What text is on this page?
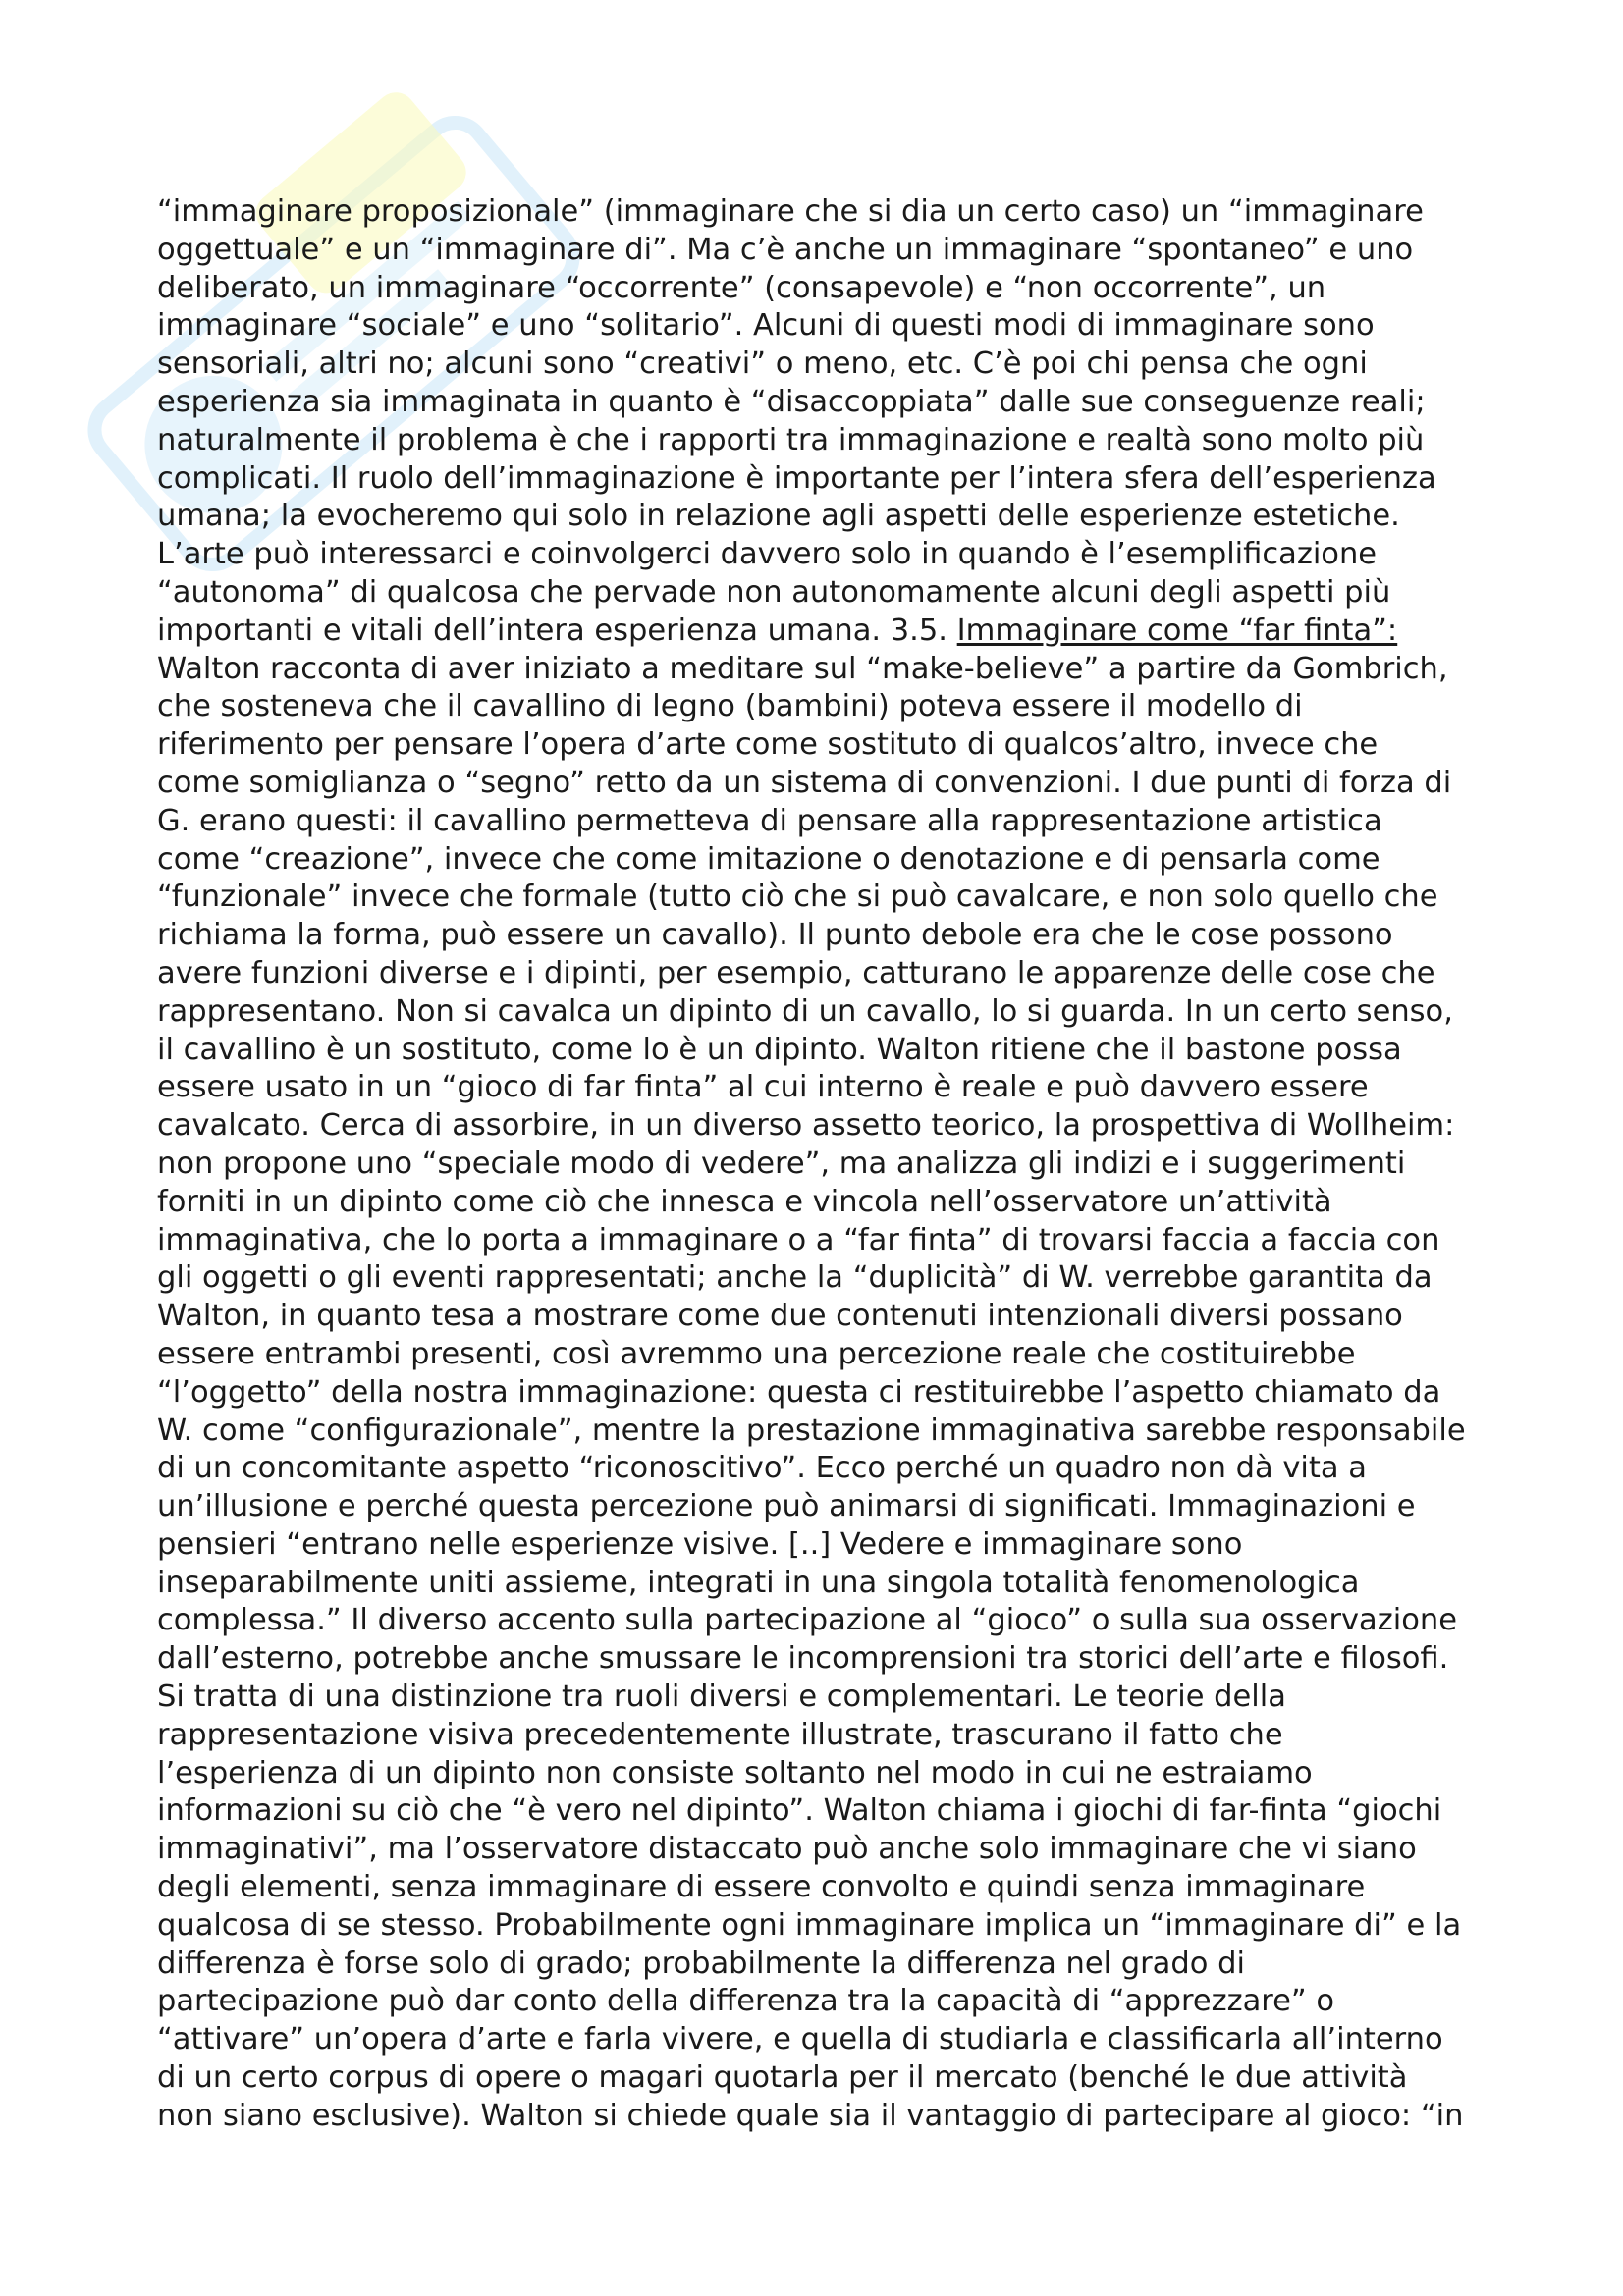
“immaginare proposizionale” (immaginare che si dia un certo caso) un “immaginare
oggettuale” e un “immaginare di”. Ma c’è anche un immaginare “spontaneo” e uno
deliberato, un immaginare “occorrente” (consapevole) e “non occorrente”, un
immaginare “sociale” e uno “solitario”. Alcuni di questi modi di immaginare sono
sensoriali, altri no; alcuni sono “creativi” o meno, etc. C’è poi chi pensa che ogni
esperienza sia immaginata in quanto è “disaccoppiata” dalle sue conseguenze reali;
naturalmente il problema è che i rapporti tra immaginazione e realtà sono molto più
complicati. Il ruolo dell’immaginazione è importante per l’intera sfera dell’esperienza
umana; la evocheremo qui solo in relazione agli aspetti delle esperienze estetiche.
L’arte può interessarci e coinvolgerci davvero solo in quando è l’esemplificazione
“autonoma” di qualcosa che pervade non autonomamente alcuni degli aspetti più
importanti e vitali dell’intera esperienza umana. 3.5. Immaginare come “far finta”:
Walton racconta di aver iniziato a meditare sul “make-believe” a partire da Gombrich,
che sosteneva che il cavallino di legno (bambini) poteva essere il modello di
riferimento per pensare l’opera d’arte come sostituto di qualcos’altro, invece che
come somiglianza o “segno” retto da un sistema di convenzioni. I due punti di forza di
G. erano questi: il cavallino permetteva di pensare alla rappresentazione artistica
come “creazione”, invece che come imitazione o denotazione e di pensarla come
“funzionale” invece che formale (tutto ciò che si può cavalcare, e non solo quello che
richiama la forma, può essere un cavallo). Il punto debole era che le cose possono
avere funzioni diverse e i dipinti, per esempio, catturano le apparenze delle cose che
rappresentano. Non si cavalca un dipinto di un cavallo, lo si guarda. In un certo senso,
il cavallino è un sostituto, come lo è un dipinto. Walton ritiene che il bastone possa
essere usato in un “gioco di far finta” al cui interno è reale e può davvero essere
cavalcato. Cerca di assorbire, in un diverso assetto teorico, la prospettiva di Wollheim:
non propone uno “speciale modo di vedere”, ma analizza gli indizi e i suggerimenti
forniti in un dipinto come ciò che innesca e vincola nell’osservatore un’attività
immaginativa, che lo porta a immaginare o a “far finta” di trovarsi faccia a faccia con
gli oggetti o gli eventi rappresentati; anche la “duplicità” di W. verrebbe garantita da
Walton, in quanto tesa a mostrare come due contenuti intenzionali diversi possano
essere entrambi presenti, così avremmo una percezione reale che costituirebbe
“l’oggetto” della nostra immaginazione: questa ci restituirebbe l’aspetto chiamato da
W. come “configurazionale”, mentre la prestazione immaginativa sarebbe responsabile
di un concomitante aspetto “riconoscitivo”. Ecco perché un quadro non dà vita a
un’illusione e perché questa percezione può animarsi di significati. Immaginazioni e
pensieri “entrano nelle esperienze visive. [..] Vedere e immaginare sono
inseparabilmente uniti assieme, integrati in una singola totalità fenomenologica
complessa.” Il diverso accento sulla partecipazione al “gioco” o sulla sua osservazione
dall’esterno, potrebbe anche smussare le incomprensioni tra storici dell’arte e filosofi.
Si tratta di una distinzione tra ruoli diversi e complementari. Le teorie della
rappresentazione visiva precedentemente illustrate, trascurano il fatto che
l’esperienza di un dipinto non consiste soltanto nel modo in cui ne estraiamo
informazioni su ciò che “è vero nel dipinto”. Walton chiama i giochi di far-finta “giochi
immaginativi”, ma l’osservatore distaccato può anche solo immaginare che vi siano
degli elementi, senza immaginare di essere convolto e quindi senza immaginare
qualcosa di se stesso. Probabilmente ogni immaginare implica un “immaginare di” e la
differenza è forse solo di grado; probabilmente la differenza nel grado di
partecipazione può dar conto della differenza tra la capacità di “apprezzare” o
“attivare” un’opera d’arte e farla vivere, e quella di studiarla e classificarla all’interno
di un certo corpus di opere o magari quotarla per il mercato (benché le due attività
non siano esclusive). Walton si chiede quale sia il vantaggio di partecipare al gioco: “in
